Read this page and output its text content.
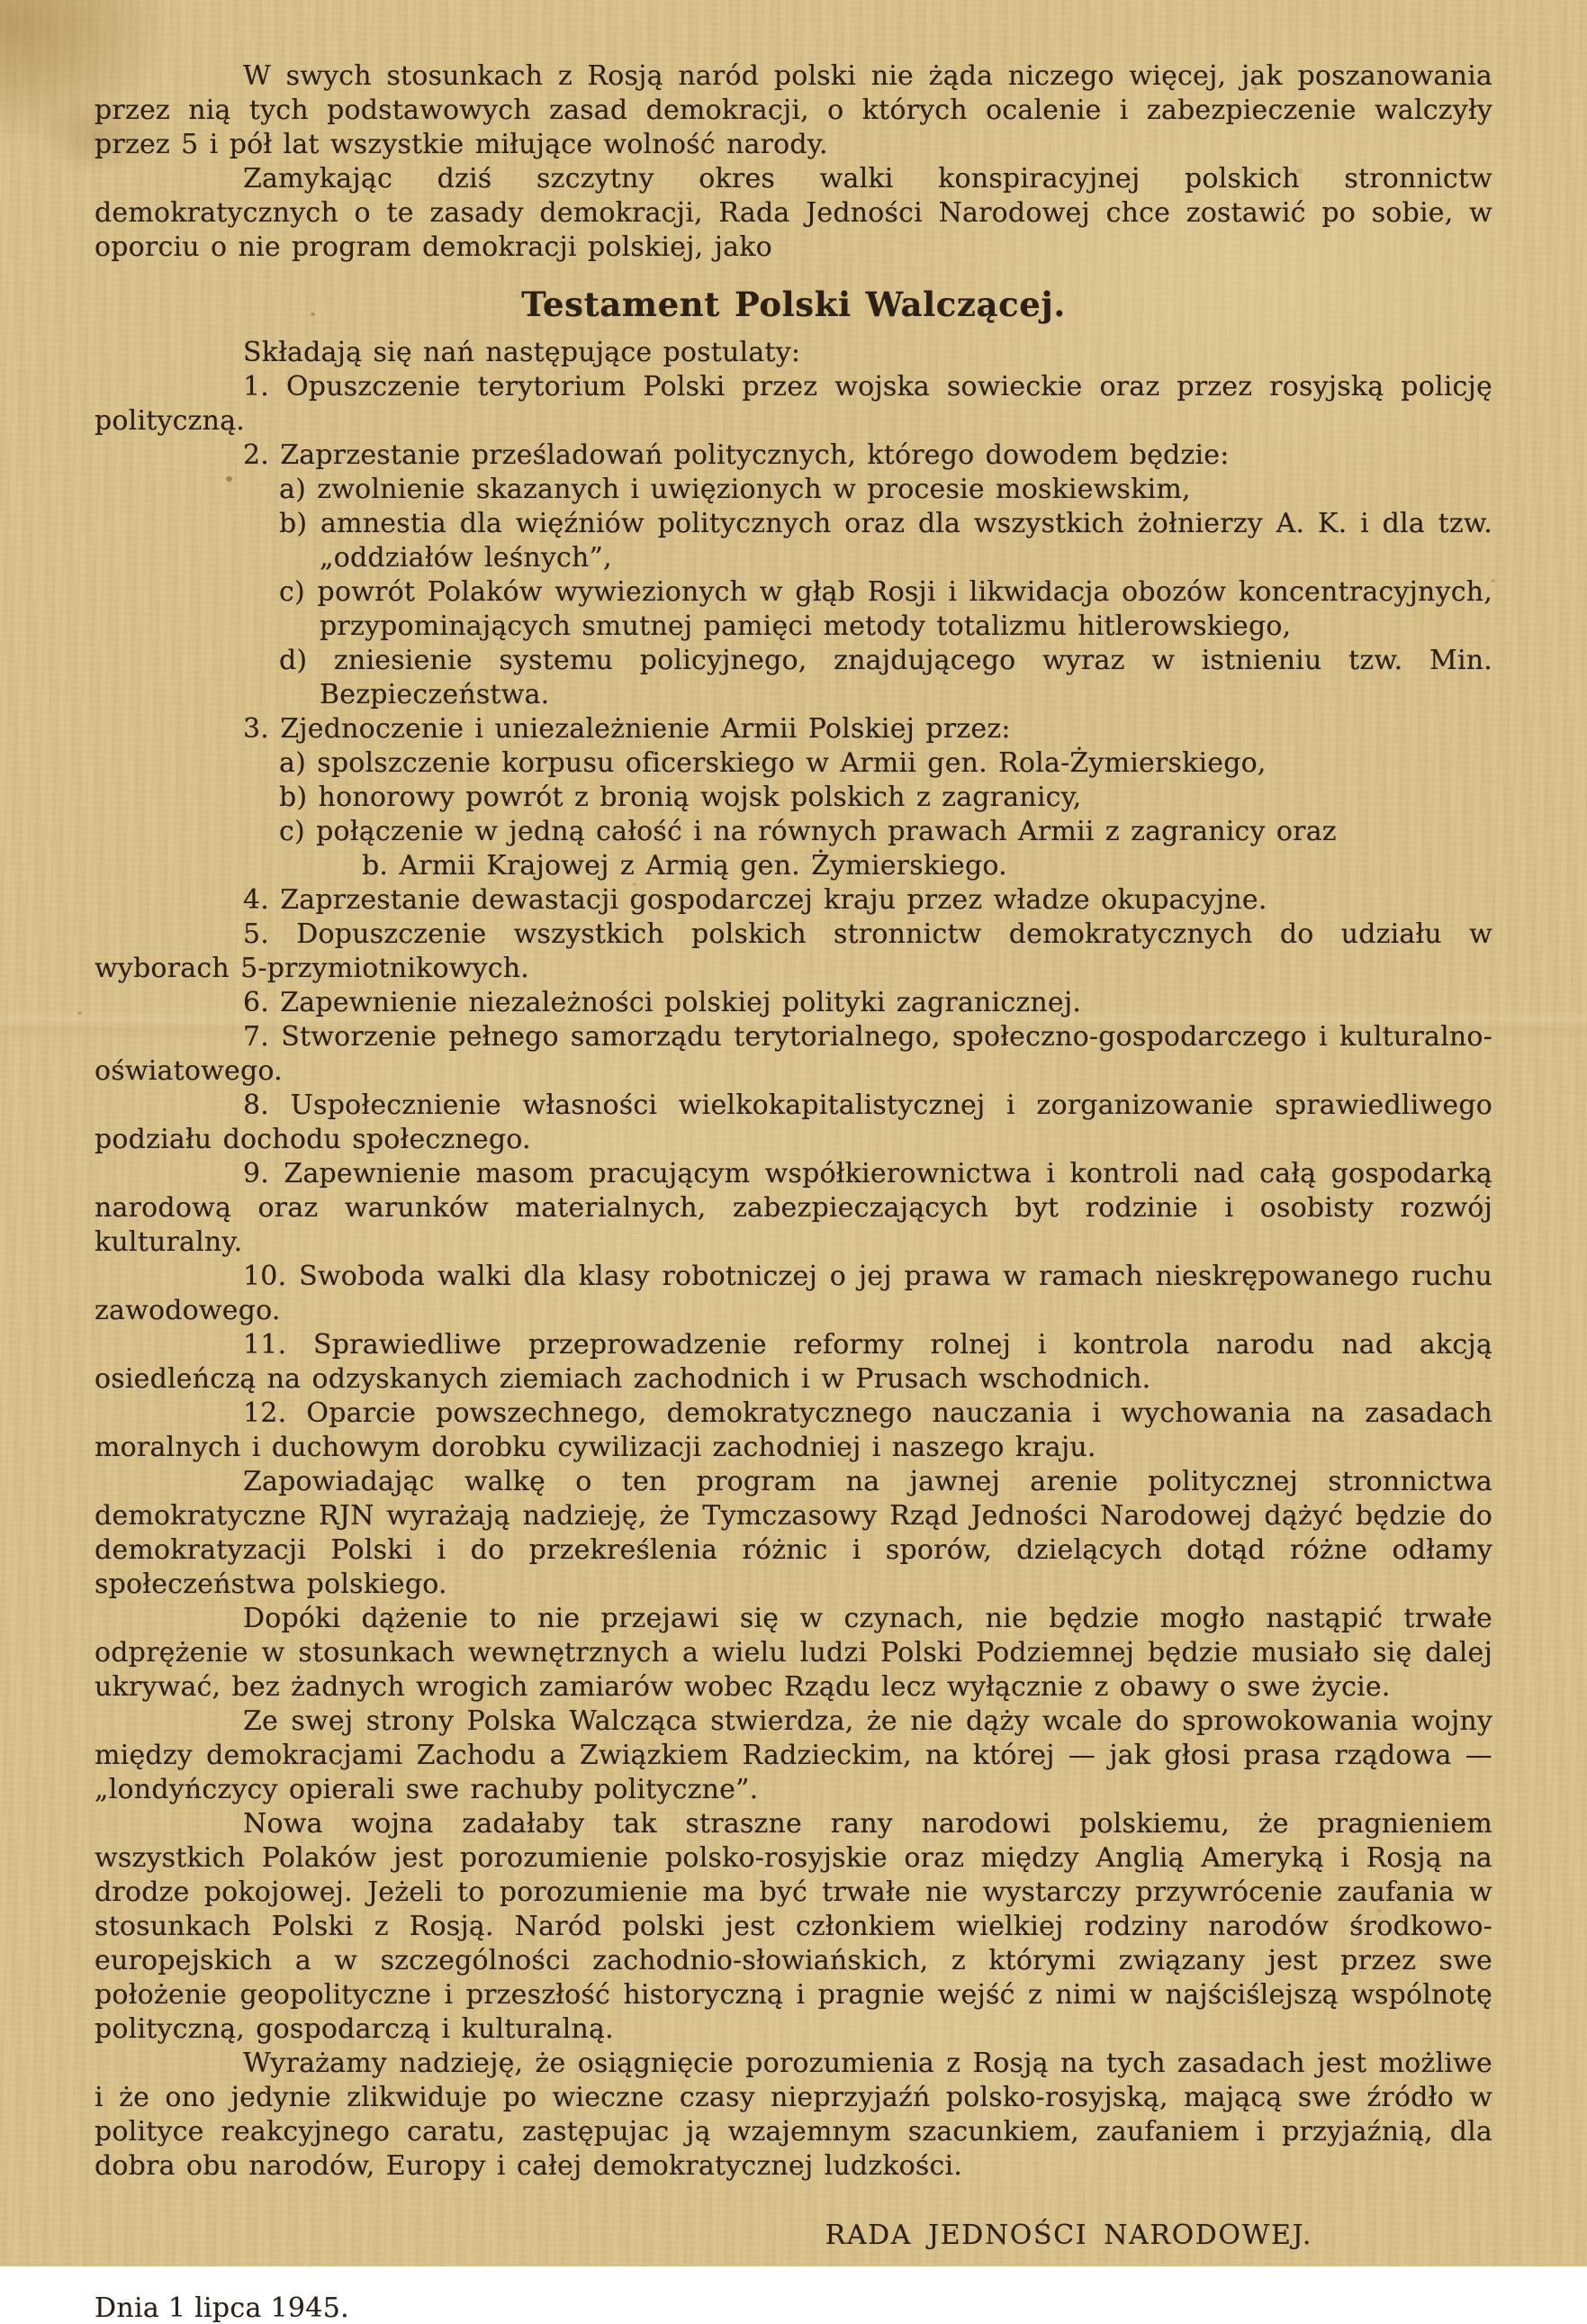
W swych stosunkach z Rosją naród polski nie żąda niczego więcej, jak poszanowania przez nią tych podstawowych zasad demokracji, o których ocalenie i zabezpieczenie walczyły przez 5 i pół lat wszystkie miłujące wolność narody.

Zamykając dziś szczytny okres walki konspiracyjnej polskich stronnictw demokratycznych o te zasady demokracji, Rada Jedności Narodowej chce zostawić po sobie, w oporciu o nie program demokracji polskiej, jako

Testament Polski Walczącej.

Składają się nań następujące postulaty:

1. Opuszczenie terytorium Polski przez wojska sowieckie oraz przez rosyjską policję polityczną.

2. Zaprzestanie prześladowań politycznych, którego dowodem będzie:

a) zwolnienie skazanych i uwięzionych w procesie moskiewskim,

b) amnestia dla więźniów politycznych oraz dla wszystkich żołnierzy A. K. i dla tzw. „oddziałów leśnych”,

c) powrót Polaków wywiezionych w głąb Rosji i likwidacja obozów koncentracyjnych, przypominających smutnej pamięci metody totalizmu hitlerowskiego,

d) zniesienie systemu policyjnego, znajdującego wyraz w istnieniu tzw. Min. Bezpieczeństwa.

3. Zjednoczenie i uniezależnienie Armii Polskiej przez:

a) spolszczenie korpusu oficerskiego w Armii gen. Rola-Żymierskiego,

b) honorowy powrót z bronią wojsk polskich z zagranicy,

c) połączenie w jedną całość i na równych prawach Armii z zagranicy oraz

b. Armii Krajowej z Armią gen. Żymierskiego.

4. Zaprzestanie dewastacji gospodarczej kraju przez władze okupacyjne.

5. Dopuszczenie wszystkich polskich stronnictw demokratycznych do udziału w wyborach 5-przymiotnikowych.

6. Zapewnienie niezależności polskiej polityki zagranicznej.

7. Stworzenie pełnego samorządu terytorialnego, społeczno-gospodarczego i kulturalno-oświatowego.

8. Uspołecznienie własności wielkokapitalistycznej i zorganizowanie sprawiedliwego podziału dochodu społecznego.

9. Zapewnienie masom pracującym współkierownictwa i kontroli nad całą gospodarką narodową oraz warunków materialnych, zabezpieczających byt rodzinie i osobisty rozwój kulturalny.

10. Swoboda walki dla klasy robotniczej o jej prawa w ramach nieskrępowanego ruchu zawodowego.

11. Sprawiedliwe przeprowadzenie reformy rolnej i kontrola narodu nad akcją osiedleńczą na odzyskanych ziemiach zachodnich i w Prusach wschodnich.

12. Oparcie powszechnego, demokratycznego nauczania i wychowania na zasadach moralnych i duchowym dorobku cywilizacji zachodniej i naszego kraju.

Zapowiadając walkę o ten program na jawnej arenie politycznej stronnictwa demokratyczne RJN wyrażają nadzieję, że Tymczasowy Rząd Jedności Narodowej dążyć będzie do demokratyzacji Polski i do przekreślenia różnic i sporów, dzielących dotąd różne odłamy społeczeństwa polskiego.

Dopóki dążenie to nie przejawi się w czynach, nie będzie mogło nastąpić trwałe odprężenie w stosunkach wewnętrznych a wielu ludzi Polski Podziemnej będzie musiało się dalej ukrywać, bez żadnych wrogich zamiarów wobec Rządu lecz wyłącznie z obawy o swe życie.

Ze swej strony Polska Walcząca stwierdza, że nie dąży wcale do sprowokowania wojny między demokracjami Zachodu a Związkiem Radzieckim, na której — jak głosi prasa rządowa — „londyńczycy opierali swe rachuby polityczne”.

Nowa wojna zadałaby tak straszne rany narodowi polskiemu, że pragnieniem wszystkich Polaków jest porozumienie polsko-rosyjskie oraz między Anglią Ameryką i Rosją na drodze pokojowej. Jeżeli to porozumienie ma być trwałe nie wystarczy przywrócenie zaufania w stosunkach Polski z Rosją. Naród polski jest członkiem wielkiej rodziny narodów środkowo-europejskich a w szczególności zachodnio-słowiańskich, z którymi związany jest przez swe położenie geopolityczne i przeszłość historyczną i pragnie wejść z nimi w najściślejszą wspólnotę polityczną, gospodarczą i kulturalną.

Wyrażamy nadzieję, że osiągnięcie porozumienia z Rosją na tych zasadach jest możliwe i że ono jedynie zlikwiduje po wieczne czasy nieprzyjaźń polsko-rosyjską, mającą swe źródło w polityce reakcyjnego caratu, zastępujac ją wzajemnym szacunkiem, zaufaniem i przyjaźnią, dla dobra obu narodów, Europy i całej demokratycznej ludzkości.

RADA JEDNOŚCI NARODOWEJ.
Dnia 1 lipca 1945.
